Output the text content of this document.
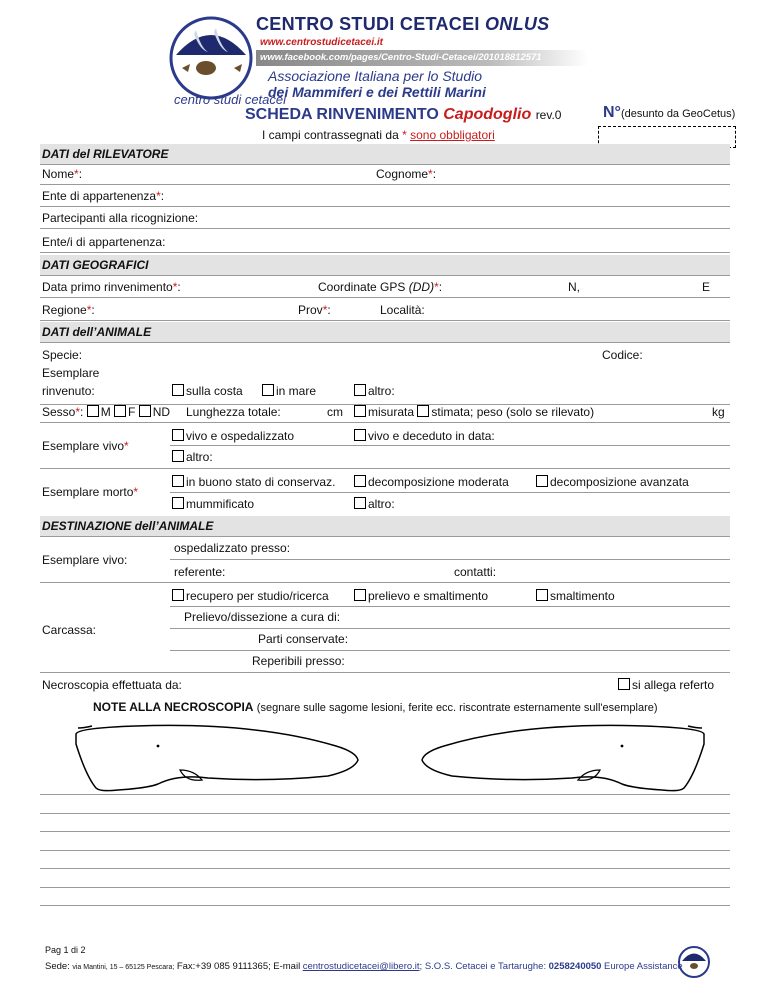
centro studi cetacei
CENTRO STUDI CETACEI ONLUS
www.centrostudicetacei.it
www.facebook.com/pages/Centro-Studi-Cetacei/201018812571
Associazione Italiana per lo Studio
dei Mammiferi e dei Rettili Marini
SCHEDA RINVENIMENTO Capodoglio rev.0	N°(desunto da GeoCetus)
I campi contrassegnati da * sono obbligatori
DATI del RILEVATORE
Nome*:	Cognome*:
Ente di appartenenza*:
Partecipanti alla ricognizione:
Ente/i di appartenenza:
DATI GEOGRAFICI
Data primo rinvenimento*:	Coordinate GPS (DD)*:	N,	E
Regione*:	Prov*:	Località:
DATI dell’ANIMALE
Specie:	Codice:
Esemplare
rinvenuto:	sulla costa	in mare	altro:
Sesso*: M F ND Lunghezza totale:	cm	misurata stimata; peso (solo se rilevato)	kg
Esemplare vivo*
vivo e ospedalizzato	vivo e deceduto in data:
altro:
Esemplare morto*
in buono stato di conservaz.	decomposizione moderata	decomposizione avanzata
mummificato	altro:
DESTINAZIONE dell’ANIMALE
Esemplare vivo:
ospedalizzato presso:
referente:	contatti:
Carcassa:
recupero per studio/ricerca	prelievo e smaltimento	smaltimento
Prelievo/dissezione a cura di:
Parti conservate:
Reperibili presso:
Necroscopia effettuata da:	si allega referto
NOTE ALLA NECROSCOPIA (segnare sulle sagome lesioni, ferite ecc. riscontrate esternamente sull'esemplare)
Pag 1 di 2
Sede: via Mantini, 15 – 65125 Pescara; Fax:+39 085 9111365; E-mail centrostudicetacei@libero.it; S.O.S. Cetacei e Tartarughe: 0258240050 Europe Assistance
